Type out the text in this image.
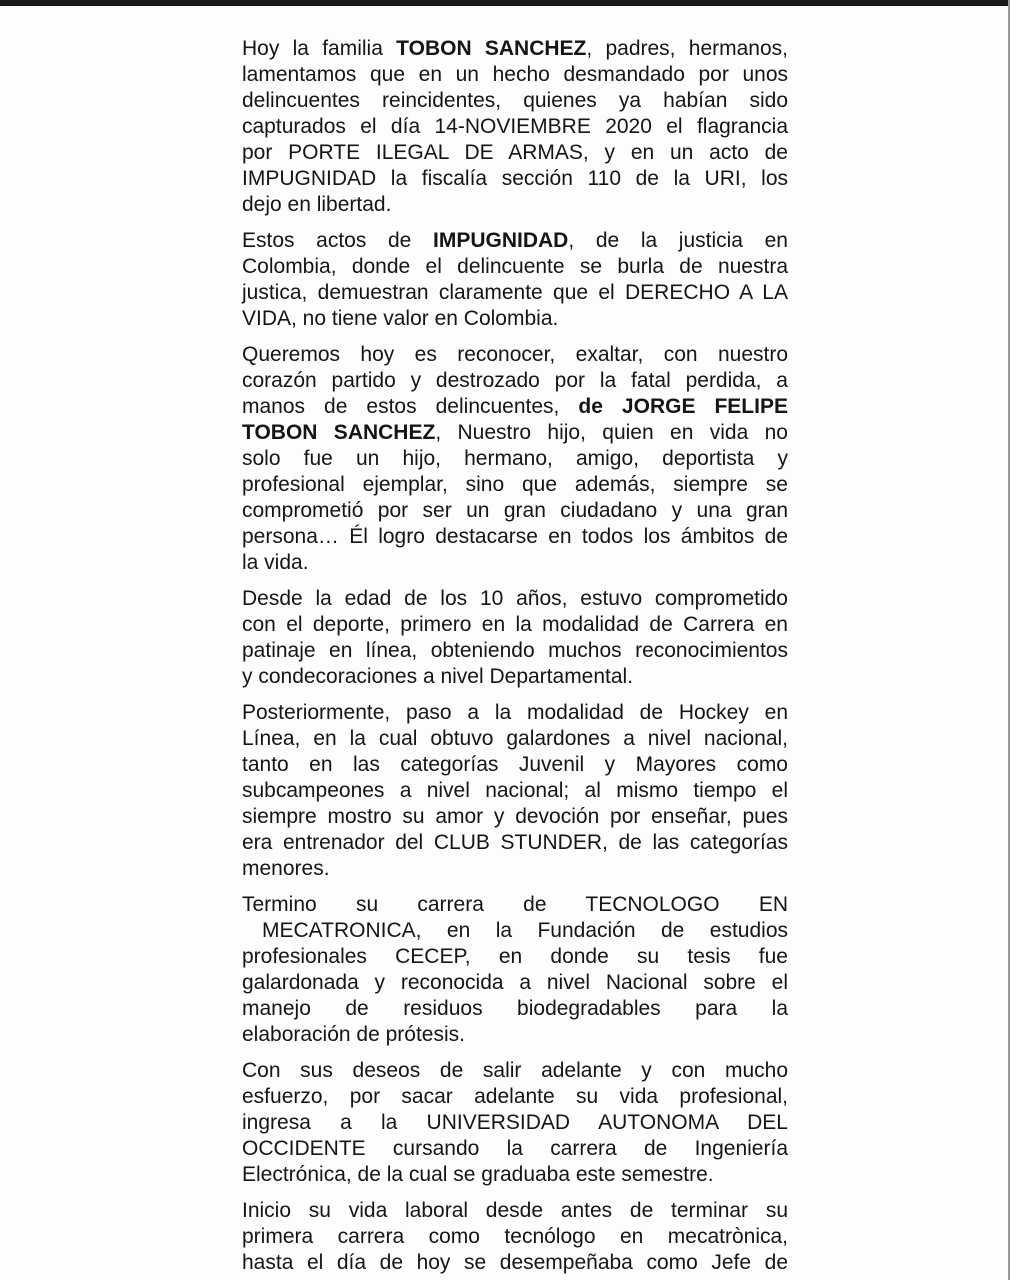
Hoy la familia TOBON SANCHEZ, padres, hermanos,
lamentamos que en un hecho desmandado por unos
delincuentes reincidentes, quienes ya habían sido
capturados el día 14-NOVIEMBRE 2020 el flagrancia
por PORTE ILEGAL DE ARMAS, y en un acto de
IMPUGNIDAD la fiscalía sección 110 de la URI, los
dejo en libertad.

Estos actos de IMPUGNIDAD, de la justicia en
Colombia, donde el delincuente se burla de nuestra
justica, demuestran claramente que el DERECHO A LA
VIDA, no tiene valor en Colombia.

Queremos hoy es reconocer, exaltar, con nuestro
corazón partido y destrozado por la fatal perdida, a
manos de estos delincuentes, de JORGE FELIPE
TOBON SANCHEZ, Nuestro hijo, quien en vida no
solo fue un hijo, hermano, amigo, deportista y
profesional ejemplar, sino que además, siempre se
comprometió por ser un gran ciudadano y una gran
persona… Él logro destacarse en todos los ámbitos de
la vida.

Desde la edad de los 10 años, estuvo comprometido
con el deporte, primero en la modalidad de Carrera en
patinaje en línea, obteniendo muchos reconocimientos
y condecoraciones a nivel Departamental.

Posteriormente, paso a la modalidad de Hockey en
Línea, en la cual obtuvo galardones a nivel nacional,
tanto en las categorías Juvenil y Mayores como
subcampeones a nivel nacional; al mismo tiempo el
siempre mostro su amor y devoción por enseñar, pues
era entrenador del CLUB STUNDER, de las categorías
menores.

Termino su carrera de TECNOLOGO EN
MECATRONICA, en la Fundación de estudios
profesionales CECEP, en donde su tesis fue
galardonada y reconocida a nivel Nacional sobre el
manejo de residuos biodegradables para la
elaboración de prótesis.

Con sus deseos de salir adelante y con mucho
esfuerzo, por sacar adelante su vida profesional,
ingresa a la UNIVERSIDAD AUTONOMA DEL
OCCIDENTE cursando la carrera de Ingeniería
Electrónica, de la cual se graduaba este semestre.

Inicio su vida laboral desde antes de terminar su
primera carrera como tecnólogo en mecatrònica,
hasta el día de hoy se desempeñaba como Jefe de
